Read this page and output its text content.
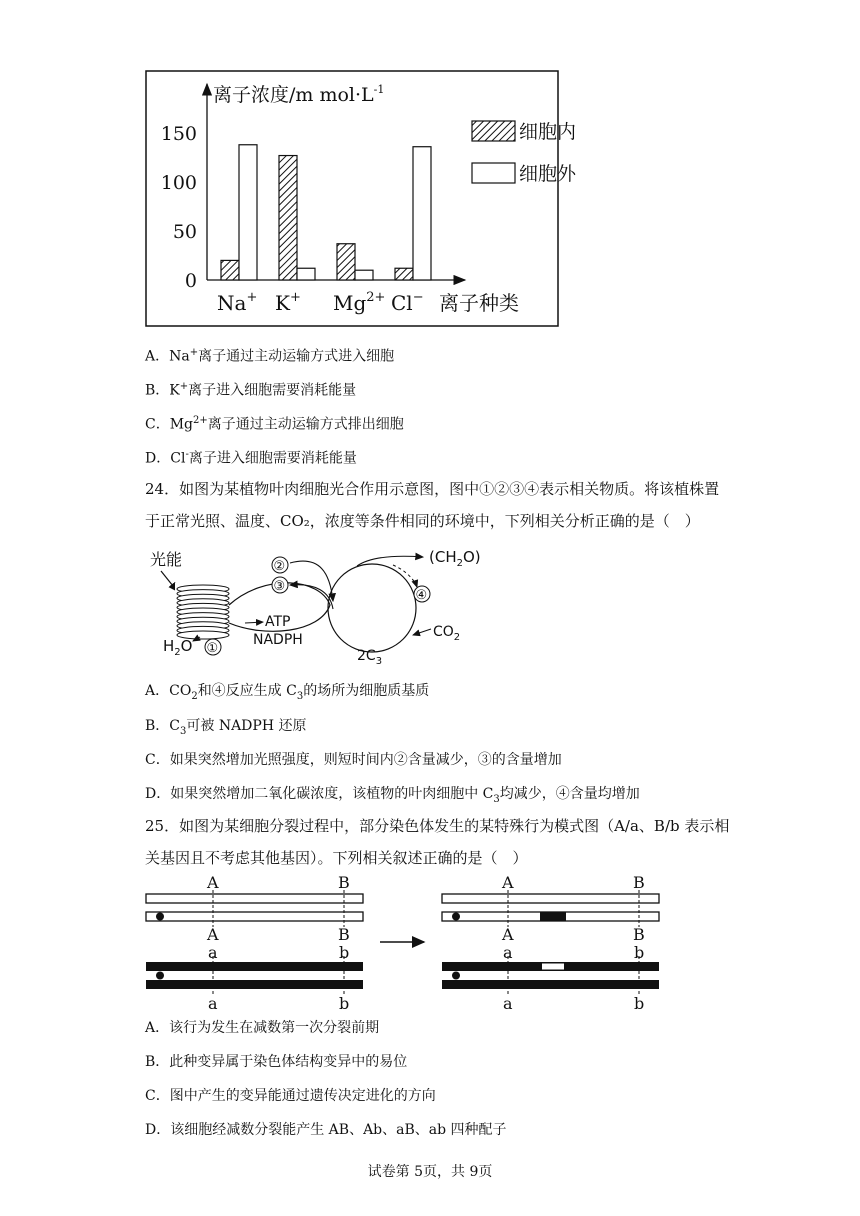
离子浓度/m $mol\cdot L^{-1}$
0
50
100
150
Na+ K+ $Mg^{2+}$ Cl− 离子种类
细胞内
细胞外
A．Na+离子通过主动运输方式进入细胞
B．K+离子进入细胞需要消耗能量
C．$Mg^{2+}$离子通过主动运输方式排出细胞
D．Cl-离子进入细胞需要消耗能量
24．如图为某植物叶肉细胞光合作用示意图，图中①②③④表示相关物质。将该植株置
于正常光照、温度、CO₂，浓度等条件相同的环境中，下列相关分析正确的是（　）
光能	②
③
ATP
NADPH
$H_2O$ ①
$(CH_2O)$
④
$CO_2$
$2C_3$
A．$CO_2$和④反应生成 $C_3$的场所为细胞质基质
B．$C_3$可被 NADPH 还原
C．如果突然增加光照强度，则短时间内②含量减少，③的含量增加
D．如果突然增加二氧化碳浓度，该植物的叶肉细胞中 $C_3$均减少，④含量均增加
25．如图为某细胞分裂过程中，部分染色体发生的某特殊行为模式图（A/a、B/b 表示相
关基因且不考虑其他基因）。下列相关叙述正确的是（　）
A	B
A	B
a	b
a	b
A	B
A	B
a	b
a	b
A．该行为发生在减数第一次分裂前期
B．此种变异属于染色体结构变异中的易位
C．图中产生的变异能通过遗传决定进化的方向
D．该细胞经减数分裂能产生 AB、Ab、aB、ab 四种配子
试卷第 5页，共 9页
